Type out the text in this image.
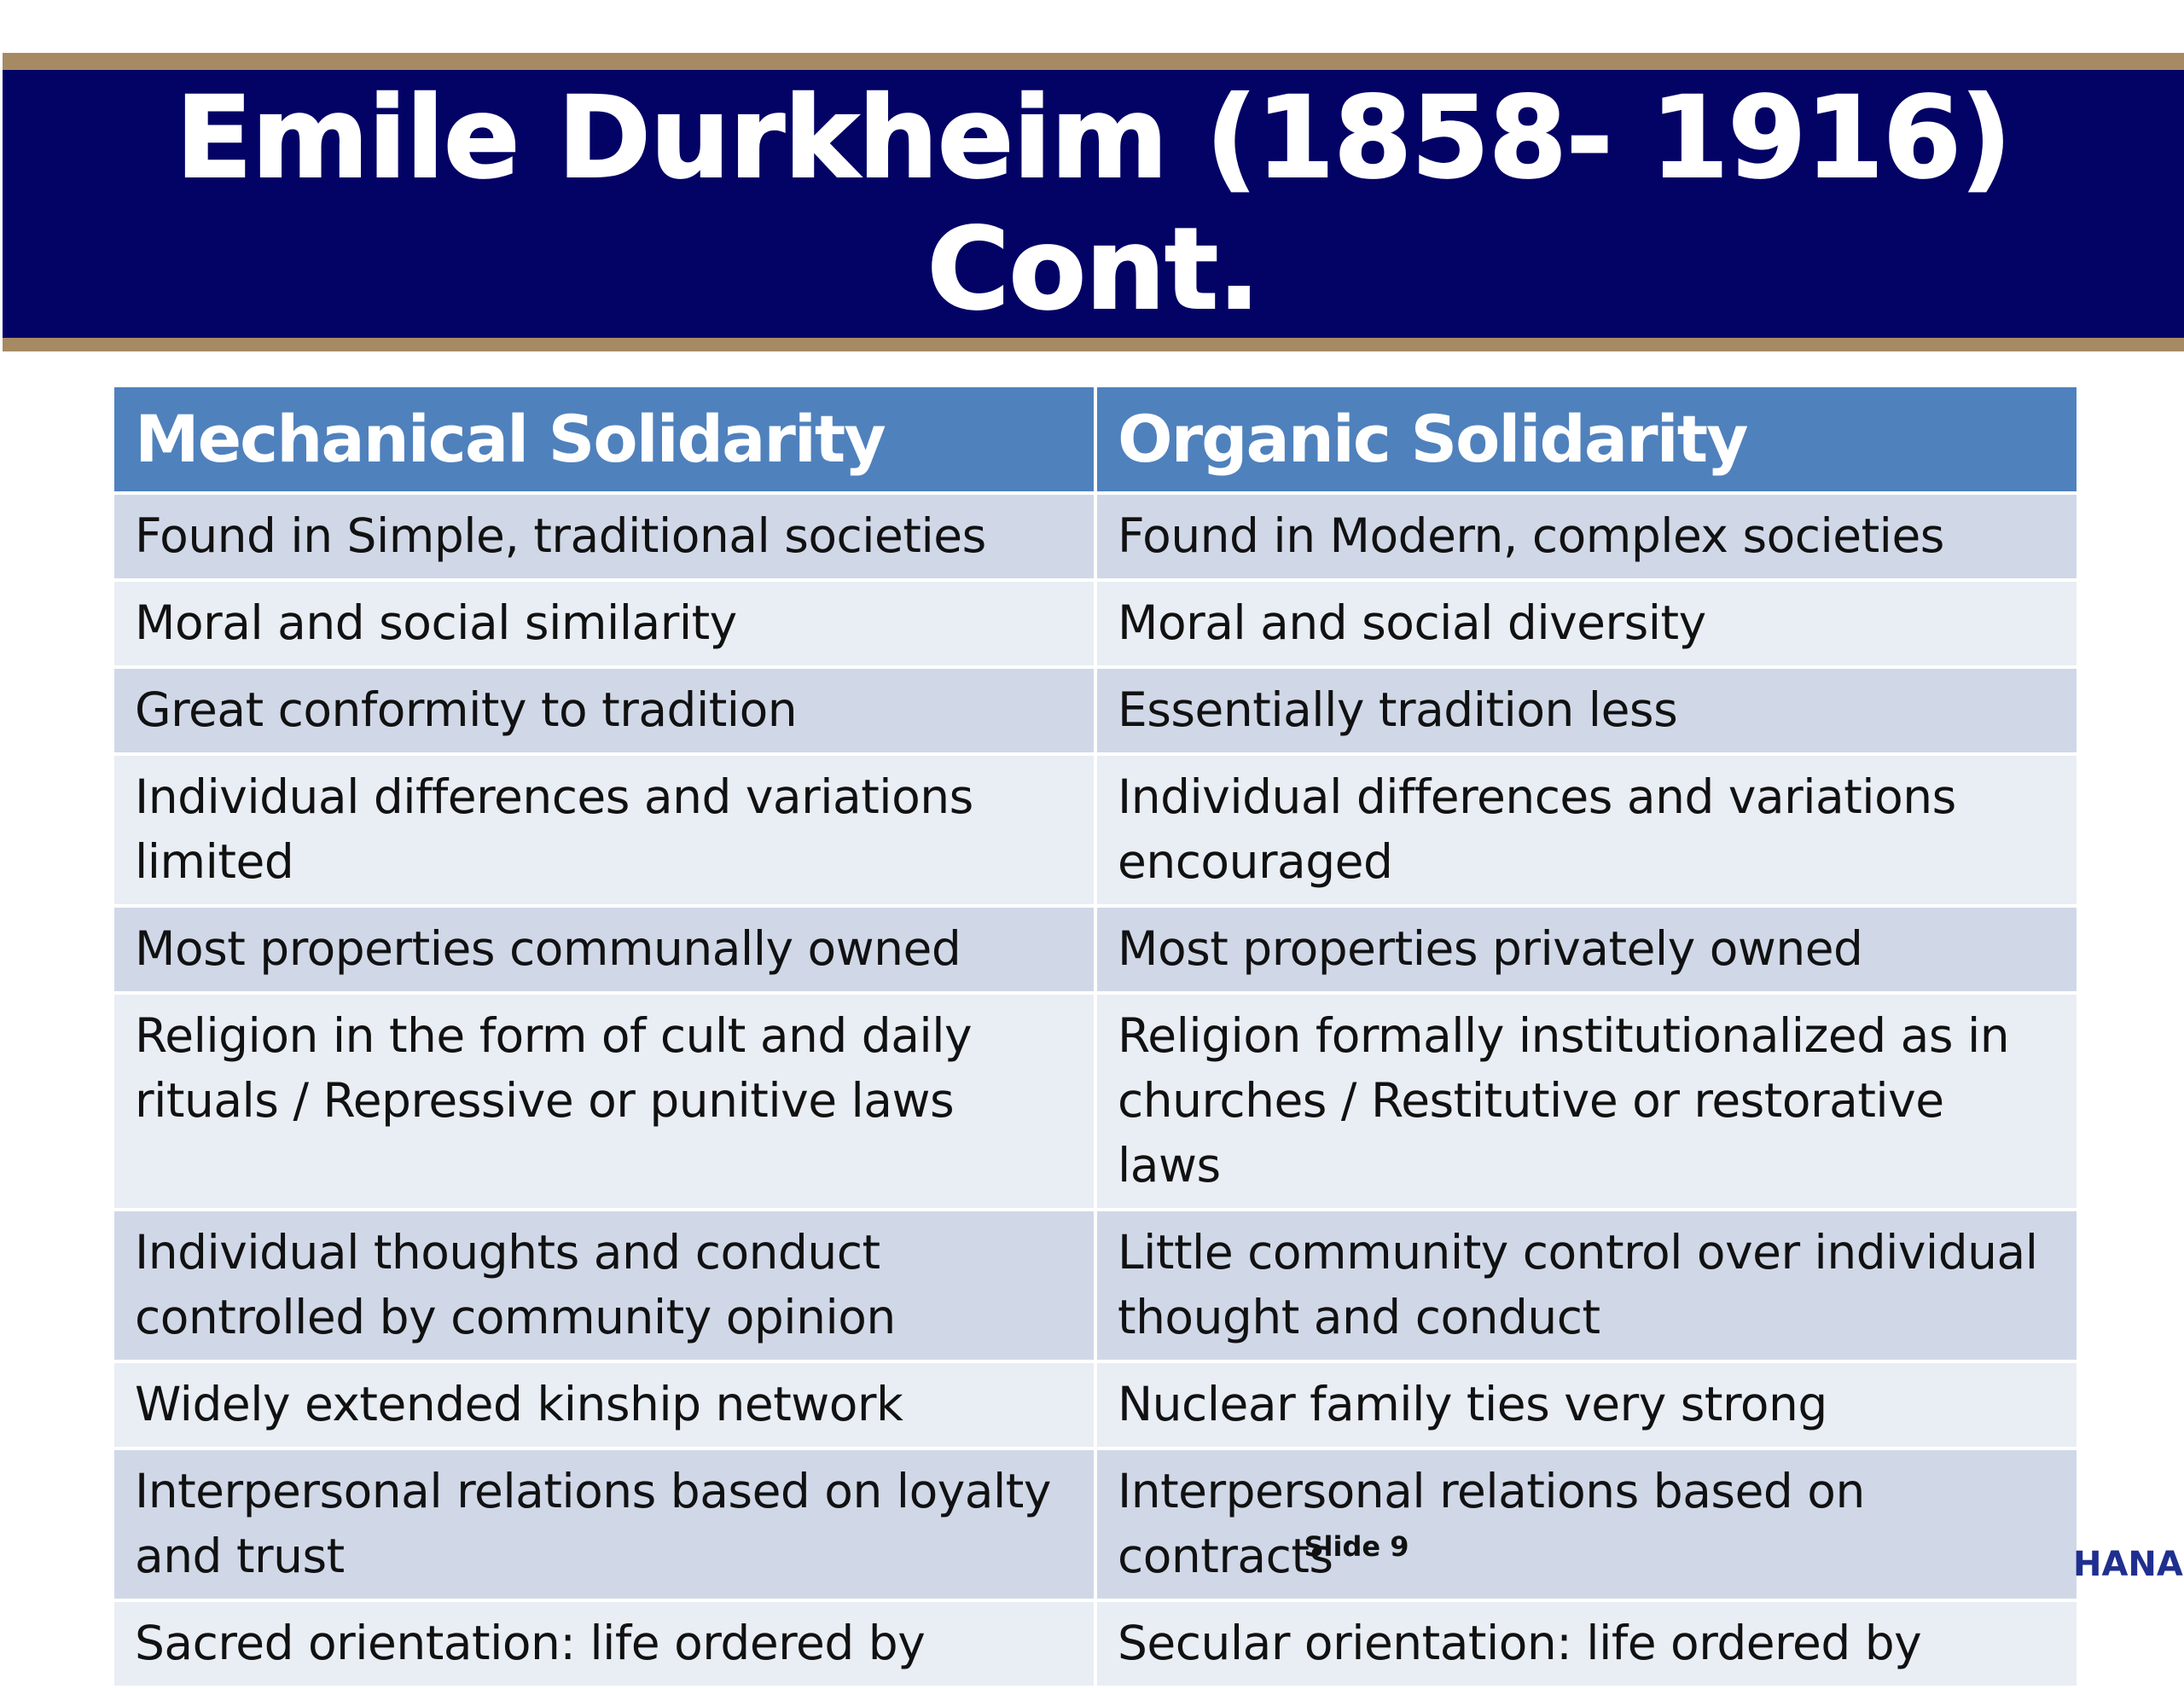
Emile Durkheim (1858- 1916) Cont.
Mechanical Solidarity	Organic Solidarity
Found in Simple, traditional societies	Found in Modern, complex societies
Moral and social similarity	Moral and social diversity
Great conformity to tradition	Essentially tradition less
Individual differences and variations limited	Individual differences and variations encouraged
Most properties communally owned	Most properties privately owned
Religion in the form of cult and daily rituals / Repressive or punitive laws	Religion formally institutionalized as in churches / Restitutive or restorative laws
Individual thoughts and conduct controlled by community opinion	Little community control over individual thought and conduct
Widely extended kinship network	Nuclear family ties very strong
Interpersonal relations based on loyalty and trust	Interpersonal relations based on contracts
Sacred orientation: life ordered by	Secular orientation: life ordered by
Slide 9	HANA
